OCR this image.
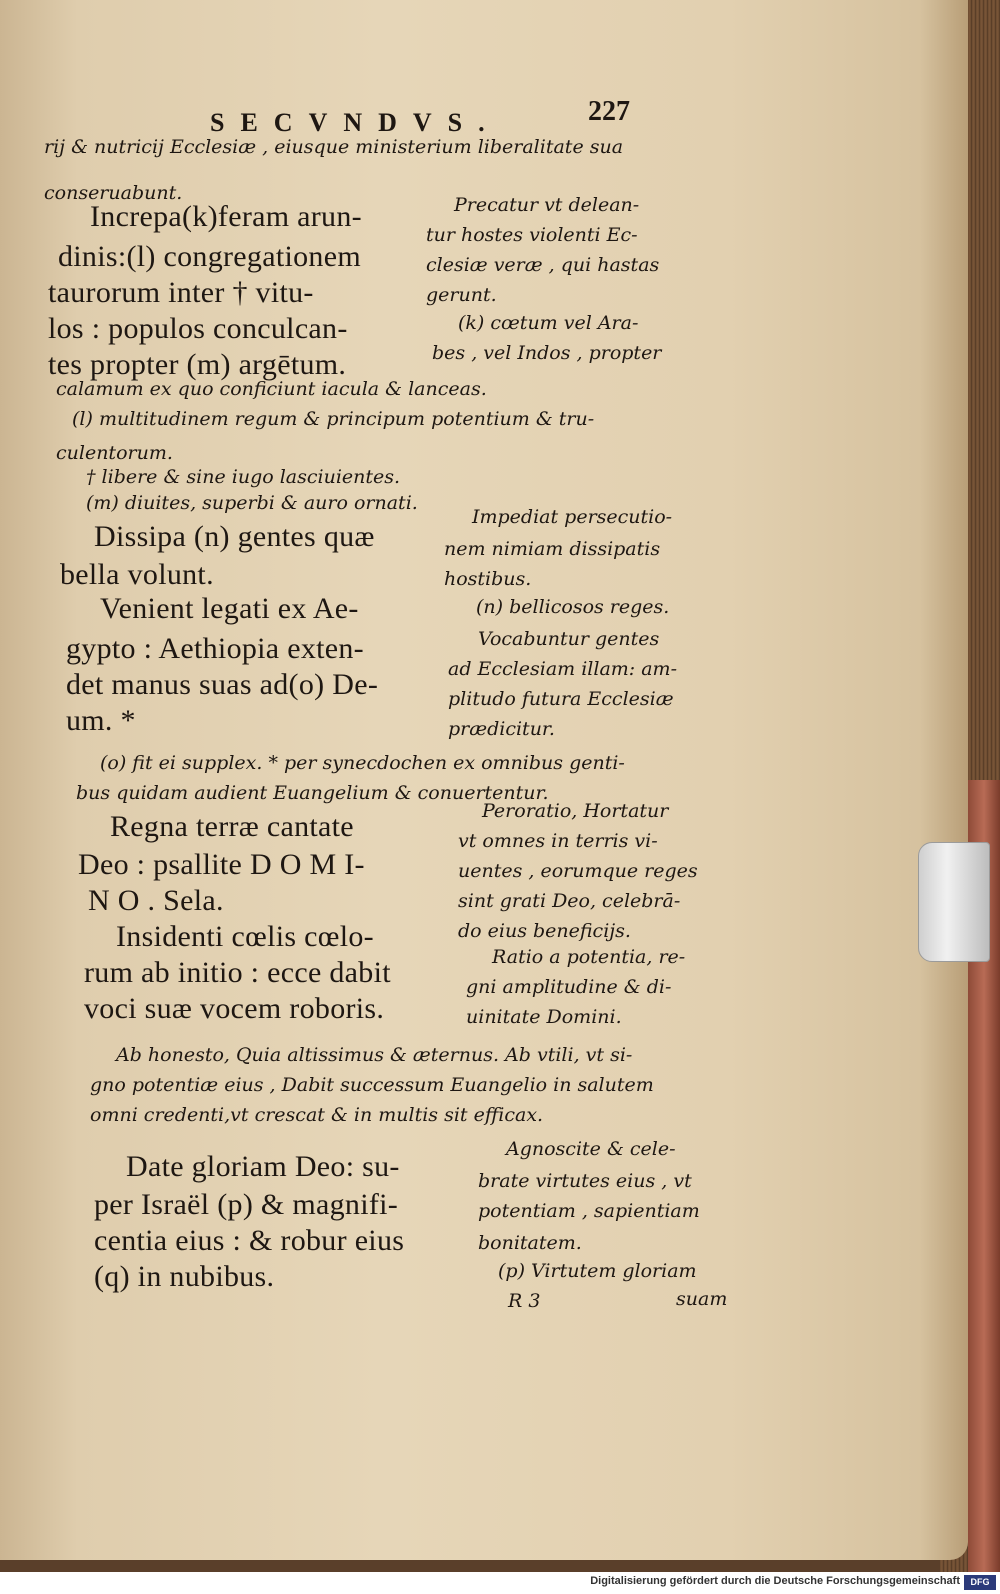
SECVNDVS.	227
rij & nutricij Ecclesiæ , eiusque ministerium liberalitate sua
conseruabunt.
Increpa(k)feram arun-
dinis:(l) congregationem
taurorum inter † vitu-
los : populos conculcan-
tes propter (m) argētum.
Precatur vt delean-
tur hostes violenti Ec-
clesiæ veræ , qui hastas
gerunt.
(k) cœtum vel Ara-
bes , vel Indos , propter
calamum ex quo conficiunt iacula & lanceas.
(l) multitudinem regum & principum potentium & tru-
culentorum.
† libere & sine iugo lasciuientes.
(m) diuites, superbi & auro ornati.
Dissipa (n) gentes quæ
bella volunt.
Impediat persecutio-
nem nimiam dissipatis
hostibus.
Venient legati ex Ae-
gypto : Aethiopia exten-
det manus suas ad(o) De-
um. *
(n) bellicosos reges.
Vocabuntur gentes
ad Ecclesiam illam: am-
plitudo futura Ecclesiæ
prædicitur.
(o) fit ei supplex. * per synecdochen ex omnibus genti-
bus quidam audient Euangelium & conuertentur.
Regna terræ cantate
Deo : psallite D O M I-
N O . Sela.
Insidenti cœlis cœlo-
rum ab initio : ecce dabit
voci suæ vocem roboris.
Peroratio, Hortatur
vt omnes in terris vi-
uentes , eorumque reges
sint grati Deo, celebrā-
do eius beneficijs.
Ratio a potentia, re-
gni amplitudine & di-
uinitate Domini.
Ab honesto, Quia altissimus & æternus. Ab vtili, vt si-
gno potentiæ eius , Dabit successum Euangelio in salutem
omni credenti,vt crescat & in multis sit efficax.
Date gloriam Deo: su-
per Israël (p) & magnifi-
centia eius : & robur eius
(q) in nubibus.
Agnoscite & cele-
brate virtutes eius , vt
potentiam , sapientiam
bonitatem.
(p) Virtutem gloriam
R 3	suam
Digitalisierung gefördert durch die Deutsche Forschungsgemeinschaft	DFG
